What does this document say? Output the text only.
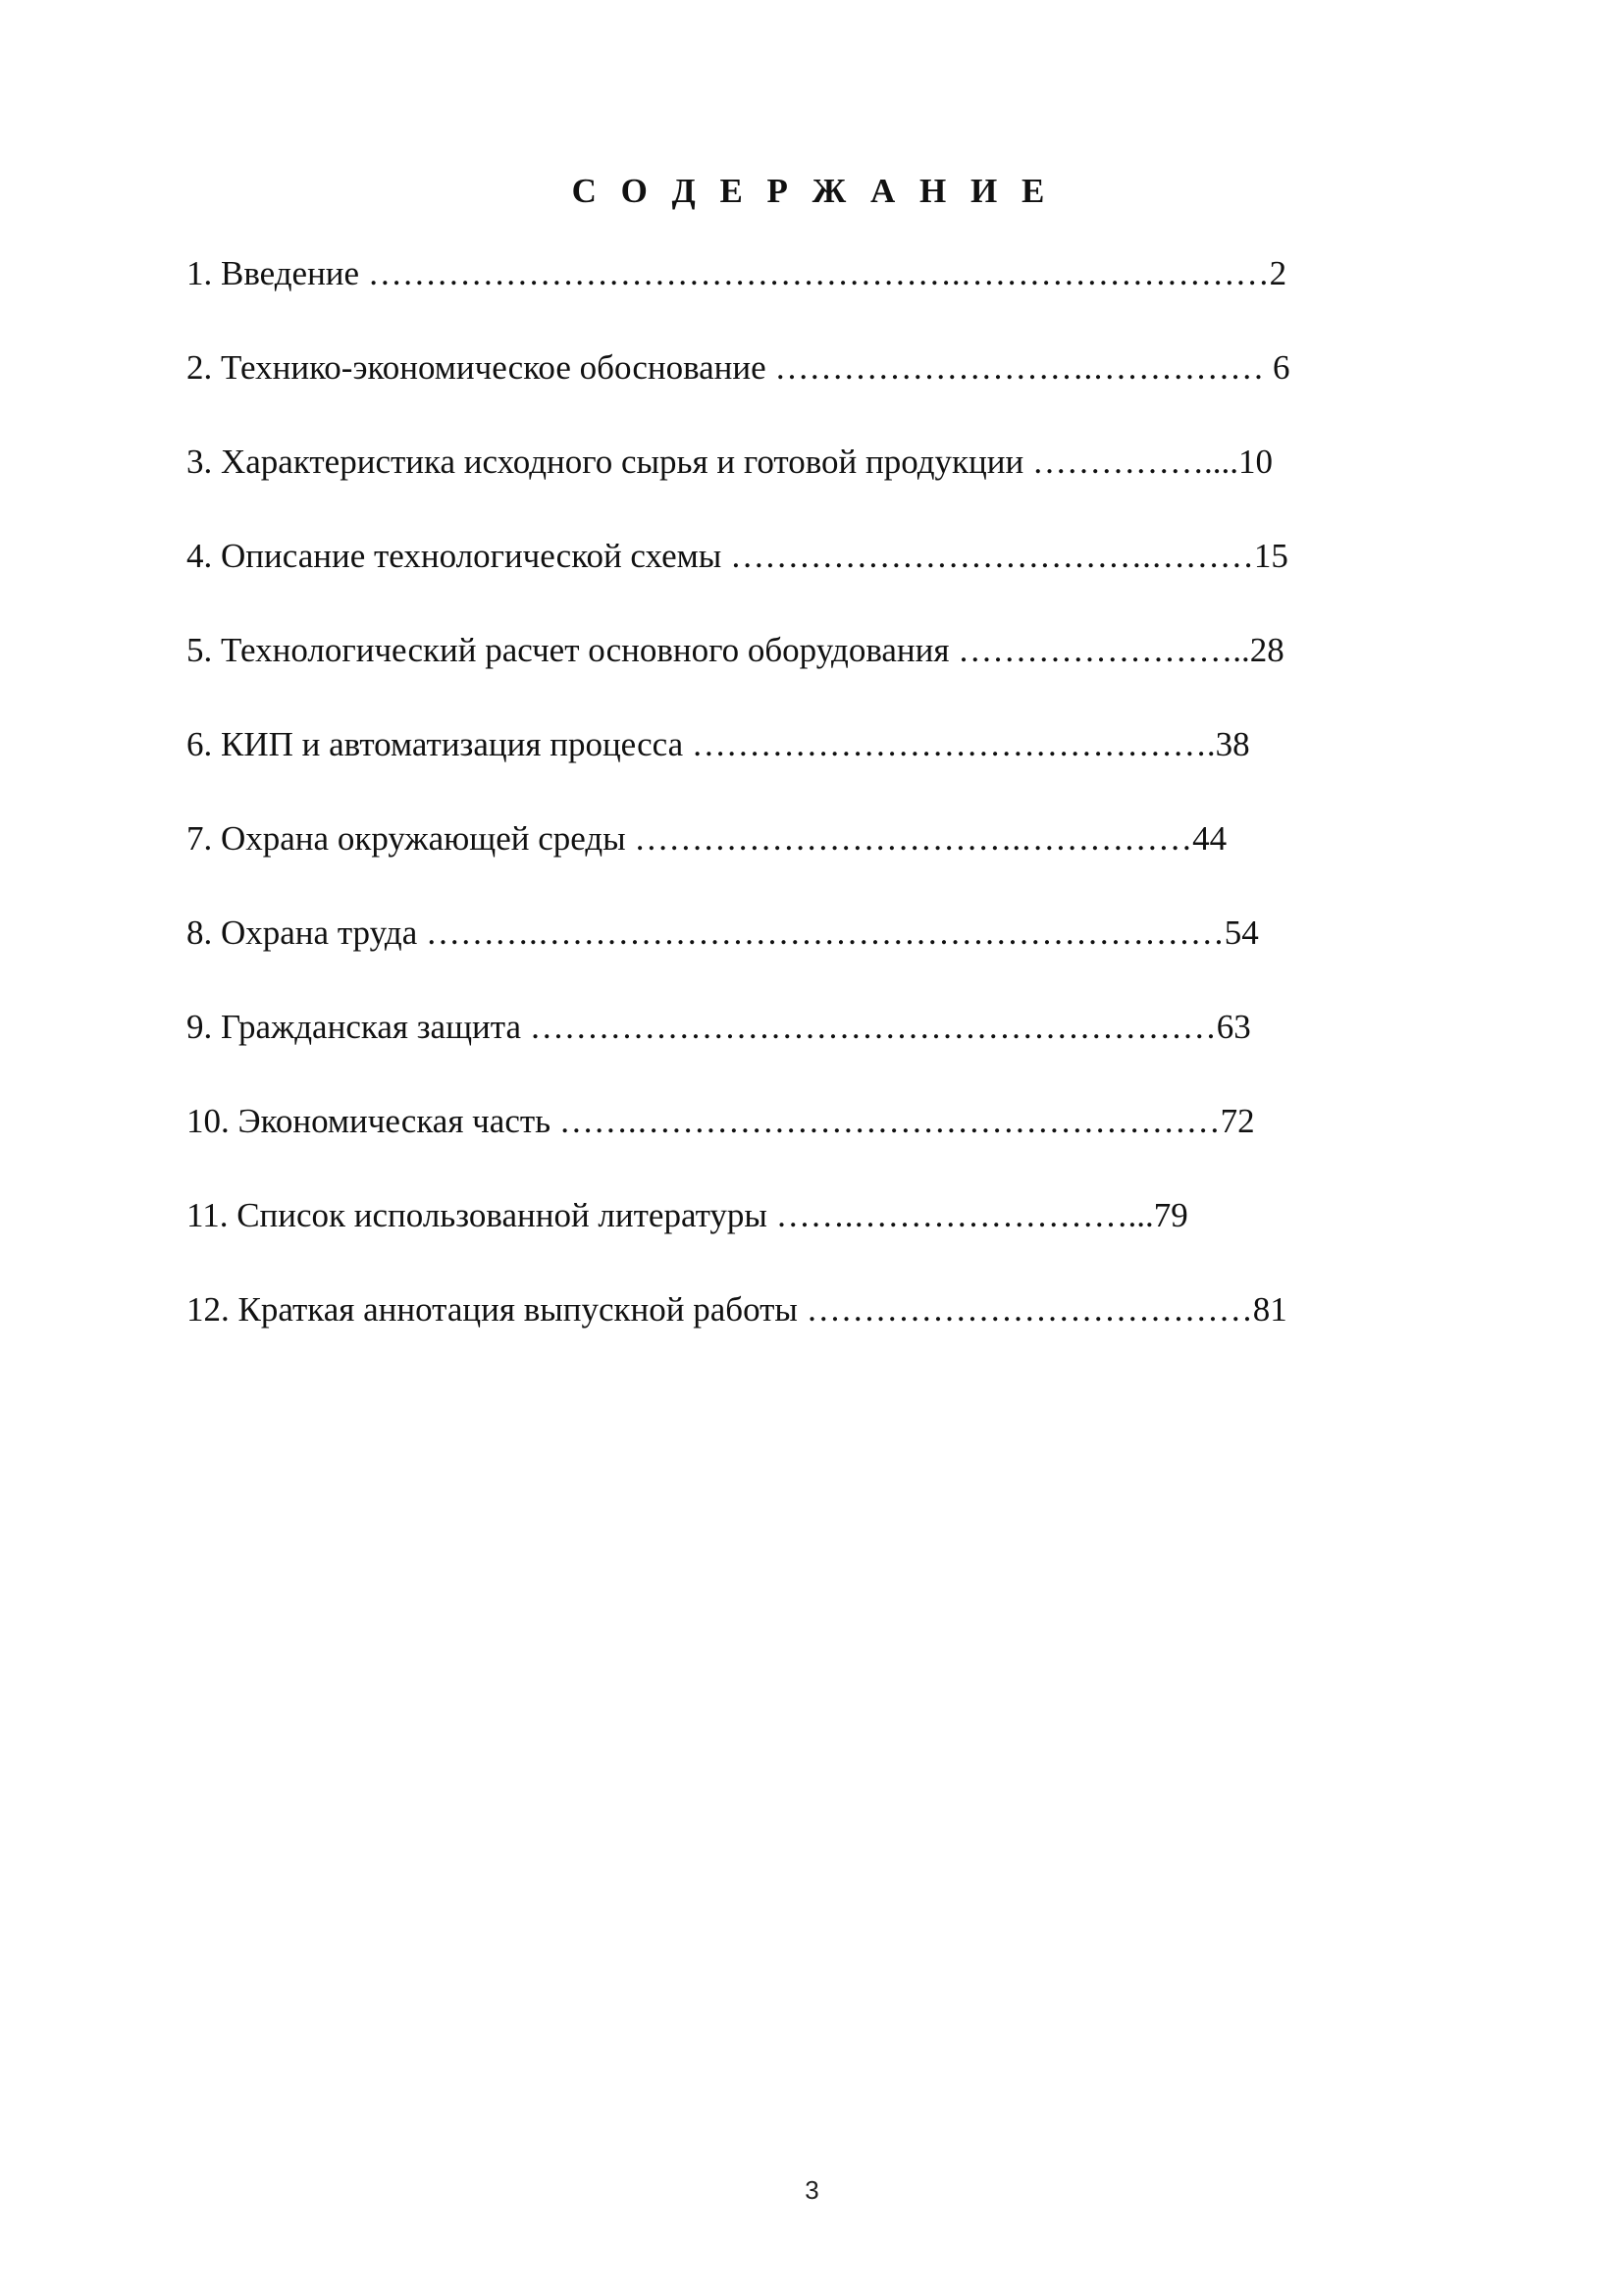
С О Д Е Р Ж А Н И Е
1. Введение …………………………………………….………………………2
2. Технико-экономическое обоснование ……………………….…………… 6
3. Характеристика исходного сырья и готовой продукции ……………....10
4. Описание технологической схемы ……………………………….………15
5. Технологический расчет основного оборудования ……………………..28
6. КИП и автоматизация процесса ……………………………………….38
7. Охрана окружающей среды …………………………….……………44
8. Охрана труда ……….……………………………………………………54
9. Гражданская защита ……………………………………………………63
10. Экономическая часть …….……………………………………………72
11. Список использованной литературы …….……………………...79
12. Краткая аннотация выпускной работы …………………………………81
3
